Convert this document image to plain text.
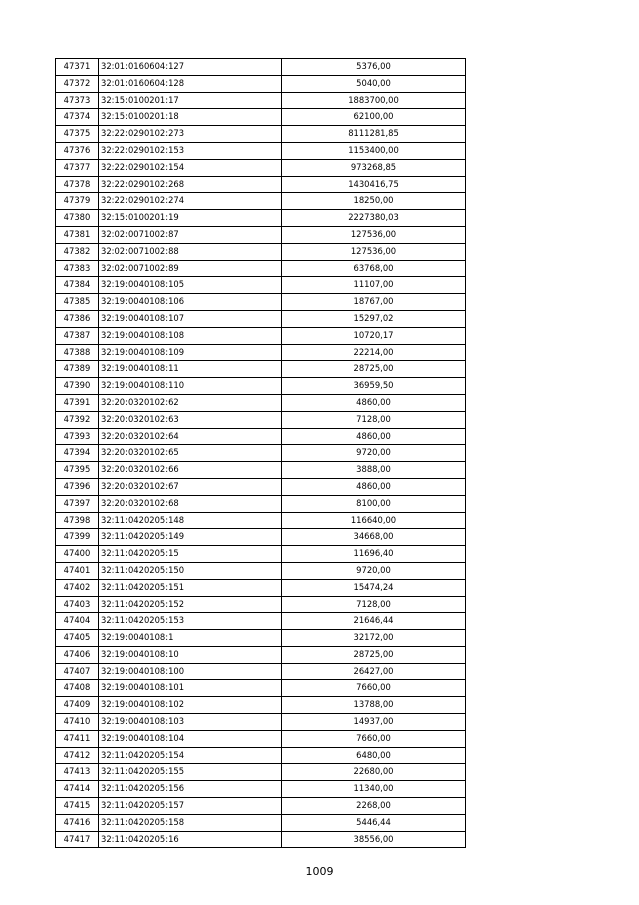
47371	32:01:0160604:127	5376,00
47372	32:01:0160604:128	5040,00
47373	32:15:0100201:17	1883700,00
47374	32:15:0100201:18	62100,00
47375	32:22:0290102:273	8111281,85
47376	32:22:0290102:153	1153400,00
47377	32:22:0290102:154	973268,85
47378	32:22:0290102:268	1430416,75
47379	32:22:0290102:274	18250,00
47380	32:15:0100201:19	2227380,03
47381	32:02:0071002:87	127536,00
47382	32:02:0071002:88	127536,00
47383	32:02:0071002:89	63768,00
47384	32:19:0040108:105	11107,00
47385	32:19:0040108:106	18767,00
47386	32:19:0040108:107	15297,02
47387	32:19:0040108:108	10720,17
47388	32:19:0040108:109	22214,00
47389	32:19:0040108:11	28725,00
47390	32:19:0040108:110	36959,50
47391	32:20:0320102:62	4860,00
47392	32:20:0320102:63	7128,00
47393	32:20:0320102:64	4860,00
47394	32:20:0320102:65	9720,00
47395	32:20:0320102:66	3888,00
47396	32:20:0320102:67	4860,00
47397	32:20:0320102:68	8100,00
47398	32:11:0420205:148	116640,00
47399	32:11:0420205:149	34668,00
47400	32:11:0420205:15	11696,40
47401	32:11:0420205:150	9720,00
47402	32:11:0420205:151	15474,24
47403	32:11:0420205:152	7128,00
47404	32:11:0420205:153	21646,44
47405	32:19:0040108:1	32172,00
47406	32:19:0040108:10	28725,00
47407	32:19:0040108:100	26427,00
47408	32:19:0040108:101	7660,00
47409	32:19:0040108:102	13788,00
47410	32:19:0040108:103	14937,00
47411	32:19:0040108:104	7660,00
47412	32:11:0420205:154	6480,00
47413	32:11:0420205:155	22680,00
47414	32:11:0420205:156	11340,00
47415	32:11:0420205:157	2268,00
47416	32:11:0420205:158	5446,44
47417	32:11:0420205:16	38556,00
1009
